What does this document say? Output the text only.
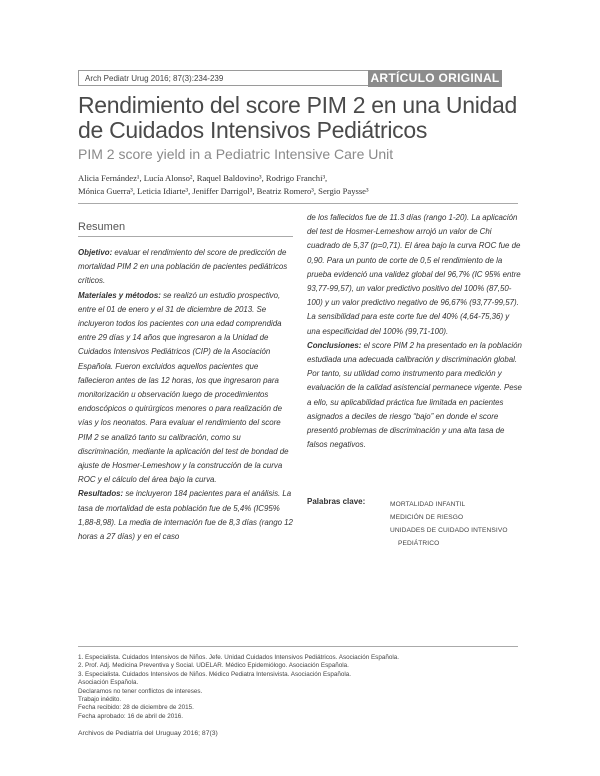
Arch Pediatr Urug 2016; 87(3):234-239	ARTÍCULO ORIGINAL
Rendimiento del score PIM 2 en una Unidad de Cuidados Intensivos Pediátricos
PIM 2 score yield in a Pediatric Intensive Care Unit
Alicia Fernández¹, Lucía Alonso², Raquel Baldovino³, Rodrigo Franchi³,
Mónica Guerra³, Leticia Idiarte³, Jeniffer Darrigol³, Beatriz Romero³, Sergio Paysse³
Resumen

Objetivo: evaluar el rendimiento del score de predicción de mortalidad PIM 2 en una población de pacientes pediátricos críticos.

Materiales y métodos: se realizó un estudio prospectivo, entre el 01 de enero y el 31 de diciembre de 2013. Se incluyeron todos los pacientes con una edad comprendida entre 29 días y 14 años que ingresaron a la Unidad de Cuidados Intensivos Pediátricos (CIP) de la Asociación Española. Fueron excluidos aquellos pacientes que fallecieron antes de las 12 horas, los que ingresaron para monitorización u observación luego de procedimientos endoscópicos o quirúrgicos menores o para realización de vías y los neonatos. Para evaluar el rendimiento del score PIM 2 se analizó tanto su calibración, como su discriminación, mediante la aplicación del test de bondad de ajuste de Hosmer-Lemeshow y la construcción de la curva ROC y el cálculo del área bajo la curva.

Resultados: se incluyeron 184 pacientes para el análisis. La tasa de mortalidad de esta población fue de 5,4% (IC95% 1,88-8,98). La media de internación fue de 8,3 días (rango 12 horas a 27 días) y en el caso

de los fallecidos fue de 11.3 días (rango 1-20). La aplicación del test de Hosmer-Lemeshow arrojó un valor de Chi cuadrado de 5,37 (p=0,71). El área bajo la curva ROC fue de 0,90. Para un punto de corte de 0,5 el rendimiento de la prueba evidenció una validez global del 96,7% (IC 95% entre 93,77-99,57), un valor predictivo positivo del 100% (87,50-100) y un valor predictivo negativo de 96,67% (93,77-99,57). La sensibilidad para este corte fue del 40% (4,64-75,36) y una especificidad del 100% (99,71-100).

Conclusiones: el score PIM 2 ha presentado en la población estudiada una adecuada calibración y discriminación global. Por tanto, su utilidad como instrumento para medición y evaluación de la calidad asistencial permanece vigente. Pese a ello, su aplicabilidad práctica fue limitada en pacientes asignados a deciles de riesgo “bajo” en donde el score presentó problemas de discriminación y una alta tasa de falsos negativos.

Palabras clave:	MORTALIDAD INFANTIL
MEDICIÓN DE RIESGO
UNIDADES DE CUIDADO INTENSIVO
PEDIÁTRICO
1. Especialista. Cuidados Intensivos de Niños. Jefe. Unidad Cuidados Intensivos Pediátricos. Asociación Española.
2. Prof. Adj. Medicina Preventiva y Social. UDELAR. Médico Epidemiólogo. Asociación Española.
3. Especialista. Cuidados Intensivos de Niños. Médico Pediatra Intensivista. Asociación Española.
Asociación Española.
Declaramos no tener conflictos de intereses.
Trabajo inédito.
Fecha recibido: 28 de diciembre de 2015.
Fecha aprobado: 16 de abril de 2016.
Archivos de Pediatría del Uruguay 2016; 87(3)
